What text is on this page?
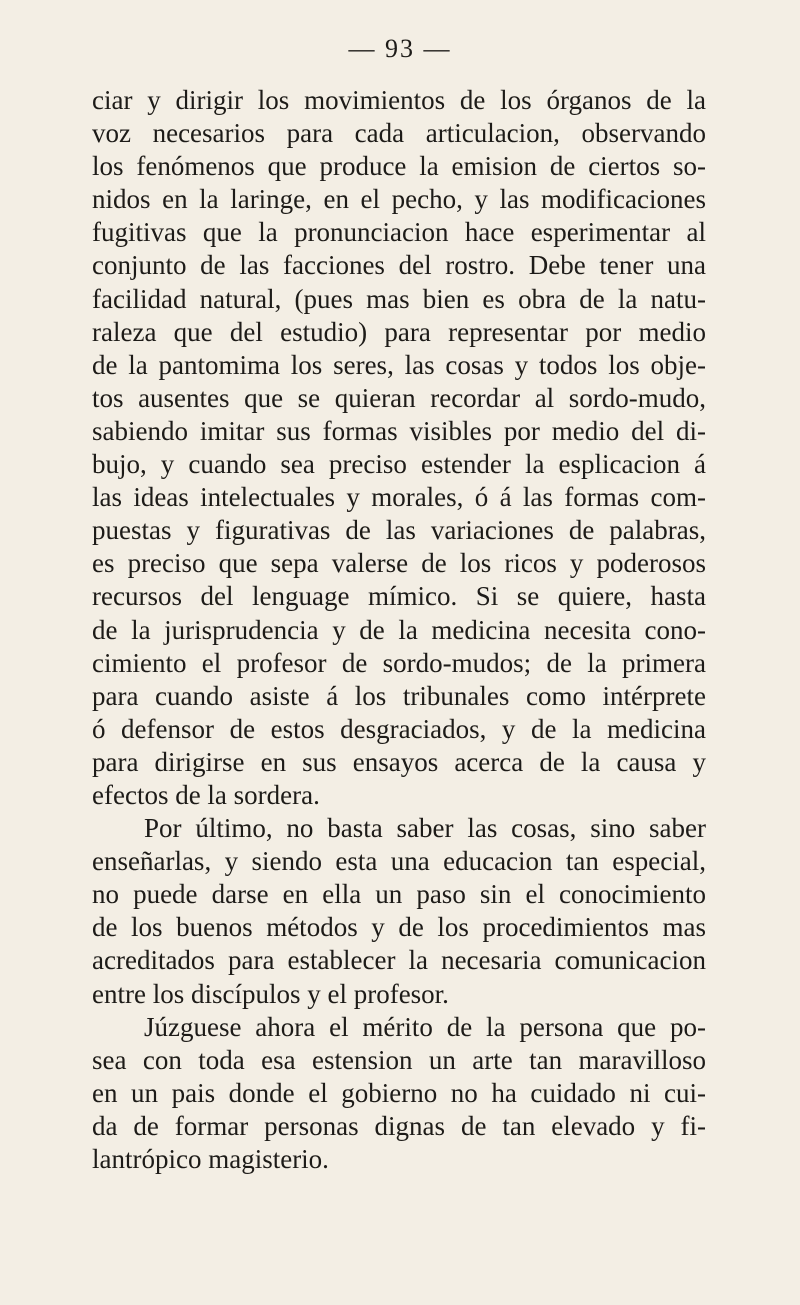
— 93 —
ciar y dirigir los movimientos de los órganos de la
voz necesarios para cada articulacion, observando
los fenómenos que produce la emision de ciertos so-
nidos en la laringe, en el pecho, y las modificaciones
fugitivas que la pronunciacion hace esperimentar al
conjunto de las facciones del rostro. Debe tener una
facilidad natural, (pues mas bien es obra de la natu-
raleza que del estudio) para representar por medio
de la pantomima los seres, las cosas y todos los obje-
tos ausentes que se quieran recordar al sordo-mudo,
sabiendo imitar sus formas visibles por medio del di-
bujo, y cuando sea preciso estender la esplicacion á
las ideas intelectuales y morales, ó á las formas com-
puestas y figurativas de las variaciones de palabras,
es preciso que sepa valerse de los ricos y poderosos
recursos del lenguage mímico. Si se quiere, hasta
de la jurisprudencia y de la medicina necesita cono-
cimiento el profesor de sordo-mudos; de la primera
para cuando asiste á los tribunales como intérprete
ó defensor de estos desgraciados, y de la medicina
para dirigirse en sus ensayos acerca de la causa y
efectos de la sordera.
Por último, no basta saber las cosas, sino saber
enseñarlas, y siendo esta una educacion tan especial,
no puede darse en ella un paso sin el conocimiento
de los buenos métodos y de los procedimientos mas
acreditados para establecer la necesaria comunicacion
entre los discípulos y el profesor.
Júzguese ahora el mérito de la persona que po-
sea con toda esa estension un arte tan maravilloso
en un pais donde el gobierno no ha cuidado ni cui-
da de formar personas dignas de tan elevado y fi-
lantrópico magisterio.
